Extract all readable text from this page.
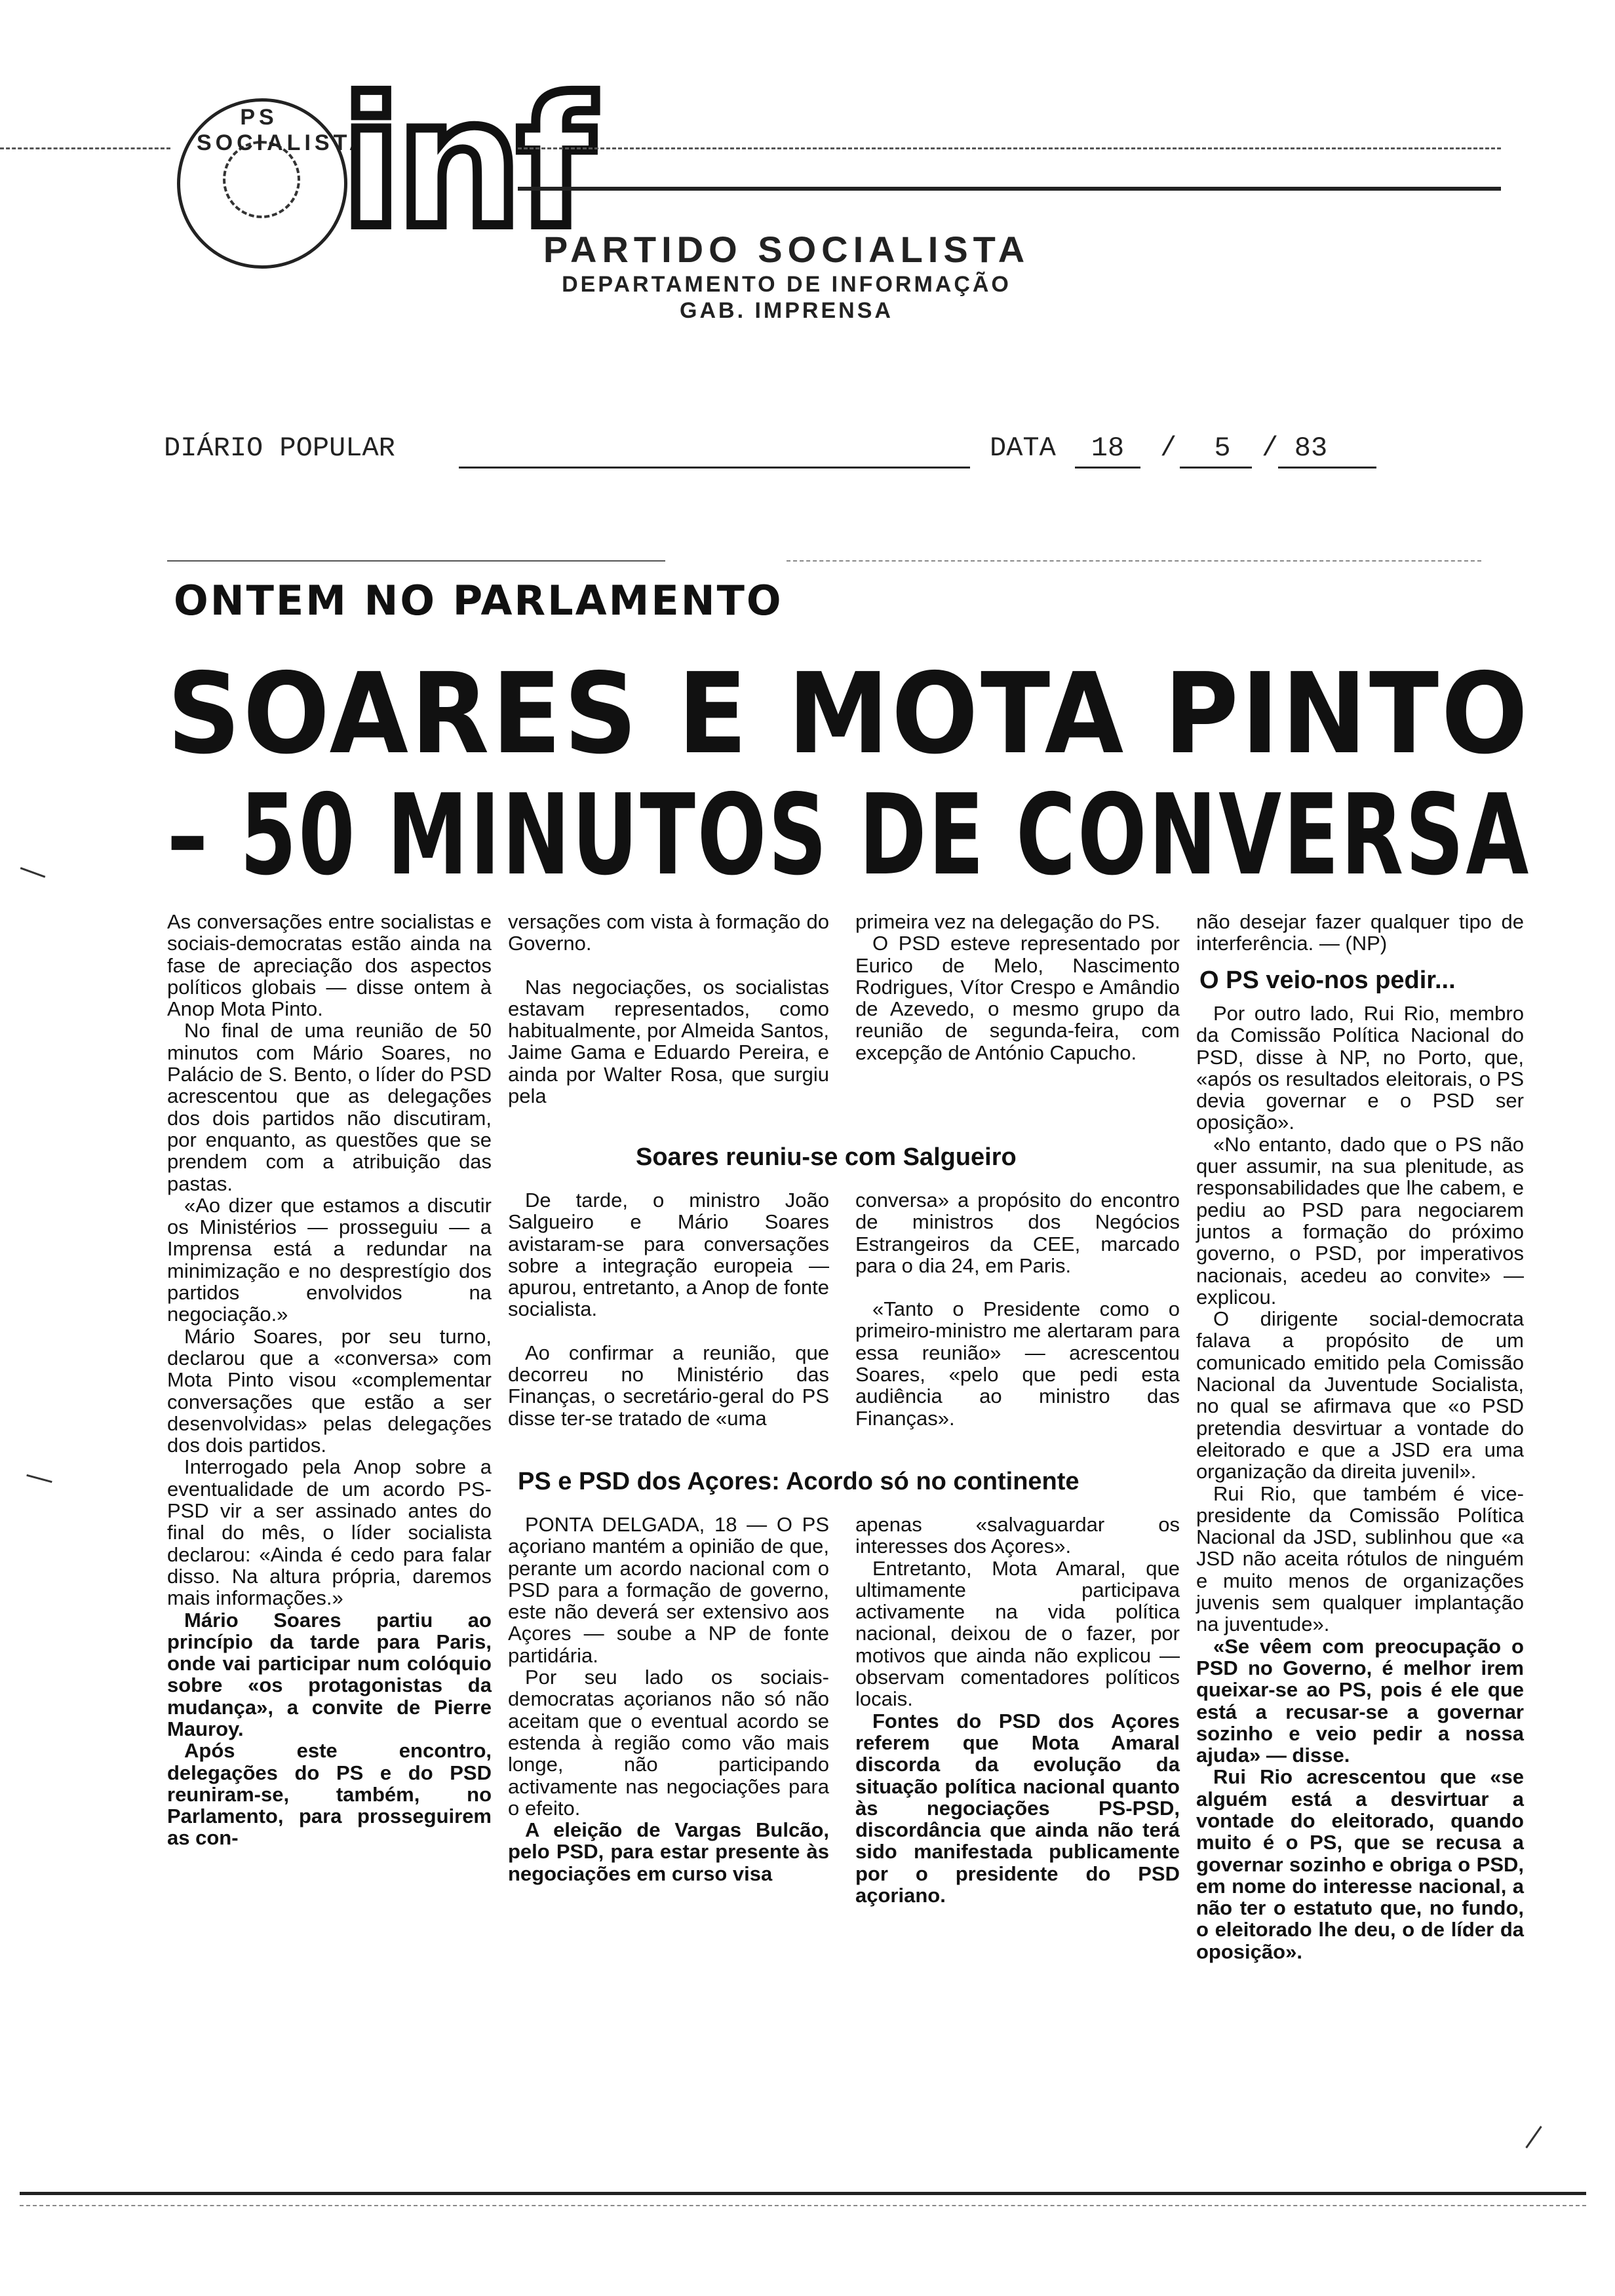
PS SOCIALISTA
inf
PARTIDO SOCIALISTA
DEPARTAMENTO DE INFORMAÇÃO
GAB. IMPRENSA
DIÁRIO POPULAR	DATA	18	/	5	/ 83
ONTEM NO PARLAMENTO
SOARES E MOTA PINTO
– 50 MINUTOS DE CONVERSA

As conversações entre socialistas e sociais-democratas estão ainda na fase de apreciação dos aspectos políticos globais — disse ontem à Anop Mota Pinto.

No final de uma reunião de 50 minutos com Mário Soares, no Palácio de S. Bento, o líder do PSD acrescentou que as delegações dos dois partidos não discutiram, por enquanto, as questões que se prendem com a atribuição das pastas.

«Ao dizer que estamos a discutir os Ministérios — prosseguiu — a Imprensa está a redundar na minimização e no desprestígio dos partidos envolvidos na negociação.»

Mário Soares, por seu turno, declarou que a «conversa» com Mota Pinto visou «complementar conversações que estão a ser desenvolvidas» pelas delegações dos dois partidos.

Interrogado pela Anop sobre a eventualidade de um acordo PS-PSD vir a ser assinado antes do final do mês, o líder socialista declarou: «Ainda é cedo para falar disso. Na altura própria, daremos mais informações.»

Mário Soares partiu ao princípio da tarde para Paris, onde vai participar num colóquio sobre «os protagonistas da mudança», a convite de Pierre Mauroy.

Após este encontro, delegações do PS e do PSD reuniram-se, também, no Parlamento, para prosseguirem as con-

versações com vista à formação do Governo.

Nas negociações, os socialistas estavam representados, como habitualmente, por Almeida Santos, Jaime Gama e Eduardo Pereira, e ainda por Walter Rosa, que surgiu pela

primeira vez na delegação do PS.

O PSD esteve representado por Eurico de Melo, Nascimento Rodrigues, Vítor Crespo e Amândio de Azevedo, o mesmo grupo da reunião de segunda-feira, com excepção de António Capucho.

Soares reuniu-se com Salgueiro

De tarde, o ministro João Salgueiro e Mário Soares avistaram-se para conversações sobre a integração europeia — apurou, entretanto, a Anop de fonte socialista.

Ao confirmar a reunião, que decorreu no Ministério das Finanças, o secretário-geral do PS disse ter-se tratado de «uma

conversa» a propósito do encontro de ministros dos Negócios Estrangeiros da CEE, marcado para o dia 24, em Paris.

«Tanto o Presidente como o primeiro-ministro me alertaram para essa reunião» — acrescentou Soares, «pelo que pedi esta audiência ao ministro das Finanças».

PS e PSD dos Açores: Acordo só no continente

PONTA DELGADA, 18 — O PS açoriano mantém a opinião de que, perante um acordo nacional com o PSD para a formação de governo, este não deverá ser extensivo aos Açores — soube a NP de fonte partidária.

Por seu lado os sociais-democratas açorianos não só não aceitam que o eventual acordo se estenda à região como vão mais longe, não participando activamente nas negociações para o efeito.

A eleição de Vargas Bulcão, pelo PSD, para estar presente às negociações em curso visa

apenas «salvaguardar os interesses dos Açores».

Entretanto, Mota Amaral, que ultimamente participava activamente na vida política nacional, deixou de o fazer, por motivos que ainda não explicou — observam comentadores políticos locais.

Fontes do PSD dos Açores referem que Mota Amaral discorda da evolução da situação política nacional quanto às negociações PS-PSD, discordância que ainda não terá sido manifestada publicamente por o presidente do PSD açoriano.

não desejar fazer qualquer tipo de interferência. — (NP)

O PS veio-nos pedir...

Por outro lado, Rui Rio, membro da Comissão Política Nacional do PSD, disse à NP, no Porto, que, «após os resultados eleitorais, o PS devia governar e o PSD ser oposição».

«No entanto, dado que o PS não quer assumir, na sua plenitude, as responsabilidades que lhe cabem, e pediu ao PSD para negociarem juntos a formação do próximo governo, o PSD, por imperativos nacionais, acedeu ao convite» — explicou.

O dirigente social-democrata falava a propósito de um comunicado emitido pela Comissão Nacional da Juventude Socialista, no qual se afirmava que «o PSD pretendia desvirtuar a vontade do eleitorado e que a JSD era uma organização da direita juvenil».

Rui Rio, que também é vice-presidente da Comissão Política Nacional da JSD, sublinhou que «a JSD não aceita rótulos de ninguém e muito menos de organizações juvenis sem qualquer implantação na juventude».

«Se vêem com preocupação o PSD no Governo, é melhor irem queixar-se ao PS, pois é ele que está a recusar-se a governar sozinho e veio pedir a nossa ajuda» — disse.

Rui Rio acrescentou que «se alguém está a desvirtuar a vontade do eleitorado, quando muito é o PS, que se recusa a governar sozinho e obriga o PSD, em nome do interesse nacional, a não ter o estatuto que, no fundo, o eleitorado lhe deu, o de líder da oposição».
